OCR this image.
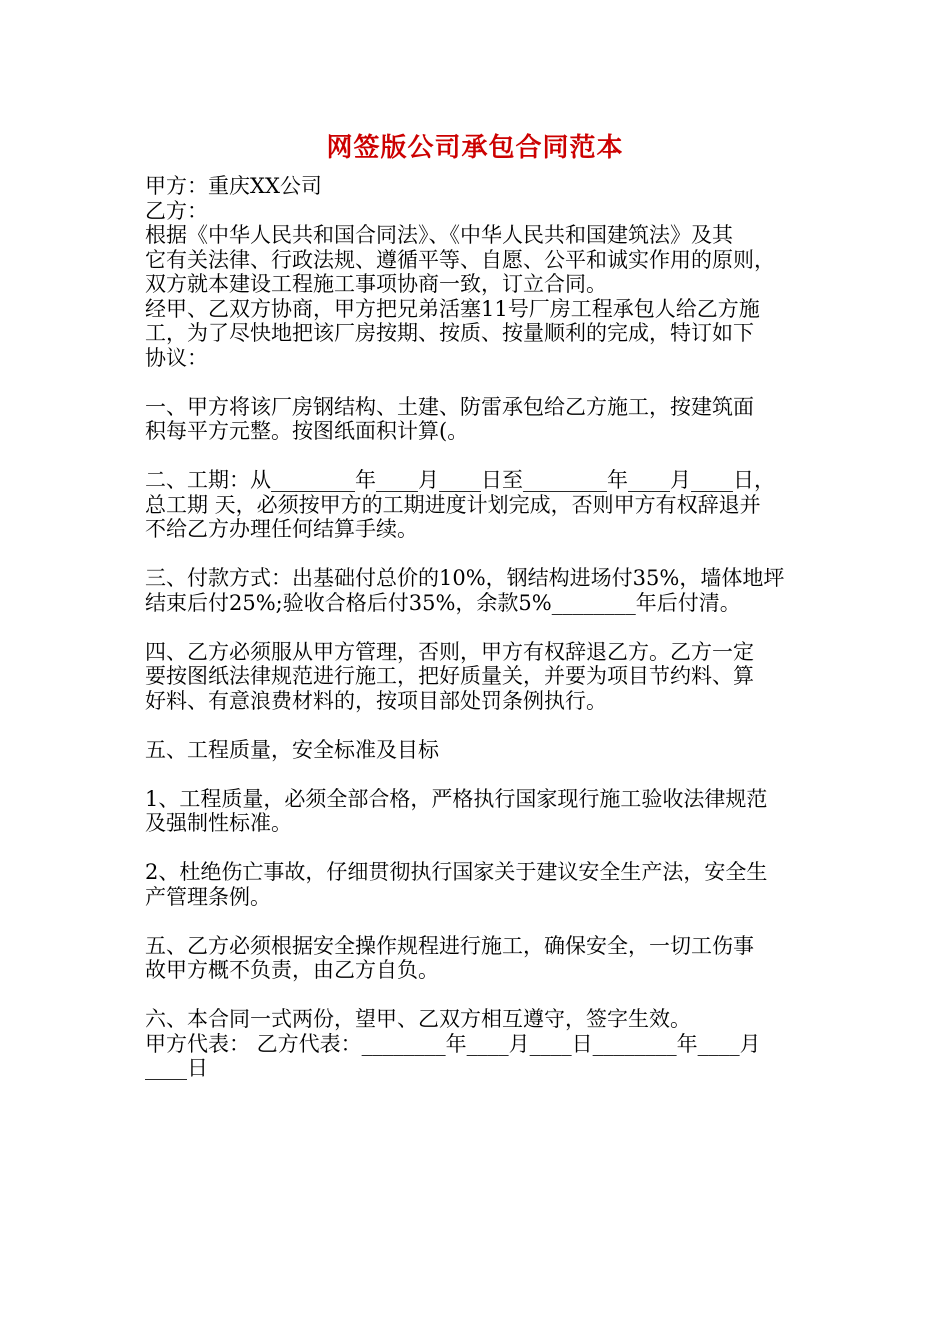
网签版公司承包合同范本
甲方：重庆XX公司
乙方：
根据《中华人民共和国合同法》、《中华人民共和国建筑法》及其
它有关法律、行政法规、遵循平等、自愿、公平和诚实作用的原则，
双方就本建设工程施工事项协商一致，订立合同。
经甲、乙双方协商，甲方把兄弟活塞11号厂房工程承包人给乙方施
工，为了尽快地把该厂房按期、按质、按量顺利的完成，特订如下
协议：
一、甲方将该厂房钢结构、土建、防雷承包给乙方施工，按建筑面
积每平方元整。按图纸面积计算(。
二、工期：从________年____月____日至________年____月____日，
总工期 天，必须按甲方的工期进度计划完成，否则甲方有权辞退并
不给乙方办理任何结算手续。
三、付款方式：出基础付总价的10%，钢结构进场付35%，墙体地坪
结束后付25%;验收合格后付35%，余款5%________年后付清。
四、乙方必须服从甲方管理，否则，甲方有权辞退乙方。乙方一定
要按图纸法律规范进行施工，把好质量关，并要为项目节约料、算
好料、有意浪费材料的，按项目部处罚条例执行。
五、工程质量，安全标准及目标
1、工程质量，必须全部合格，严格执行国家现行施工验收法律规范
及强制性标准。
2、杜绝伤亡事故，仔细贯彻执行国家关于建议安全生产法，安全生
产管理条例。
五、乙方必须根据安全操作规程进行施工，确保安全，一切工伤事
故甲方概不负责，由乙方自负。
六、本合同一式两份，望甲、乙双方相互遵守，签字生效。
甲方代表： 乙方代表：________年____月____日________年____月
____日
